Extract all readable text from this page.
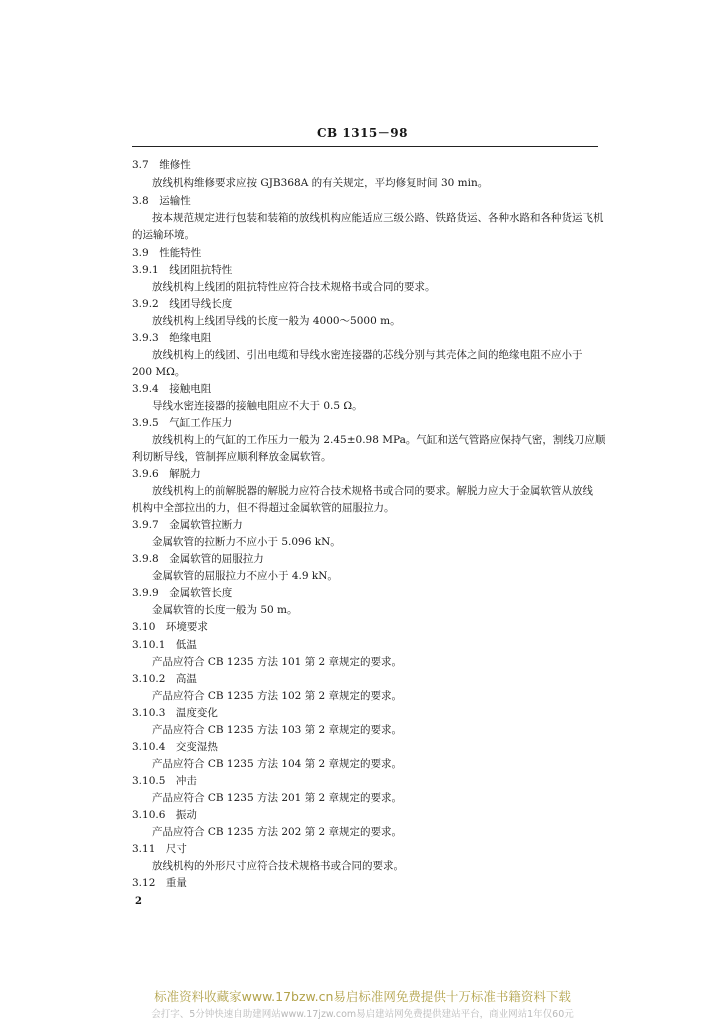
CB 1315－98
3.7　维修性
放线机构维修要求应按 GJB368A 的有关规定，平均修复时间 30 min。
3.8　运输性
按本规范规定进行包装和装箱的放线机构应能适应三级公路、铁路货运、各种水路和各种货运飞机
的运输环境。
3.9　性能特性
3.9.1　线团阻抗特性
放线机构上线团的阻抗特性应符合技术规格书或合同的要求。
3.9.2　线团导线长度
放线机构上线团导线的长度一般为 4000～5000 m。
3.9.3　绝缘电阻
放线机构上的线团、引出电缆和导线水密连接器的芯线分别与其壳体之间的绝缘电阻不应小于
200 MΩ。
3.9.4　接触电阻
导线水密连接器的接触电阻应不大于 0.5 Ω。
3.9.5　气缸工作压力
放线机构上的气缸的工作压力一般为 2.45±0.98 MPa。气缸和送气管路应保持气密，割线刀应顺
利切断导线，管制挥应顺利释放金属软管。
3.9.6　解脱力
放线机构上的前解脱器的解脱力应符合技术规格书或合同的要求。解脱力应大于金属软管从放线
机构中全部拉出的力，但不得超过金属软管的屈服拉力。
3.9.7　金属软管拉断力
金属软管的拉断力不应小于 5.096 kN。
3.9.8　金属软管的屈服拉力
金属软管的屈服拉力不应小于 4.9 kN。
3.9.9　金属软管长度
金属软管的长度一般为 50 m。
3.10　环境要求
3.10.1　低温
产品应符合 CB 1235 方法 101 第 2 章规定的要求。
3.10.2　高温
产品应符合 CB 1235 方法 102 第 2 章规定的要求。
3.10.3　温度变化
产品应符合 CB 1235 方法 103 第 2 章规定的要求。
3.10.4　交变湿热
产品应符合 CB 1235 方法 104 第 2 章规定的要求。
3.10.5　冲击
产品应符合 CB 1235 方法 201 第 2 章规定的要求。
3.10.6　振动
产品应符合 CB 1235 方法 202 第 2 章规定的要求。
3.11　尺寸
放线机构的外形尺寸应符合技术规格书或合同的要求。
3.12　重量
2
标准资料收藏家www.17bzw.cn易启标准网免费提供十万标准书籍资料下载
会打字、5分钟快速自助建网站www.17jzw.com易启建站网免费提供建站平台，商业网站1年仅60元
